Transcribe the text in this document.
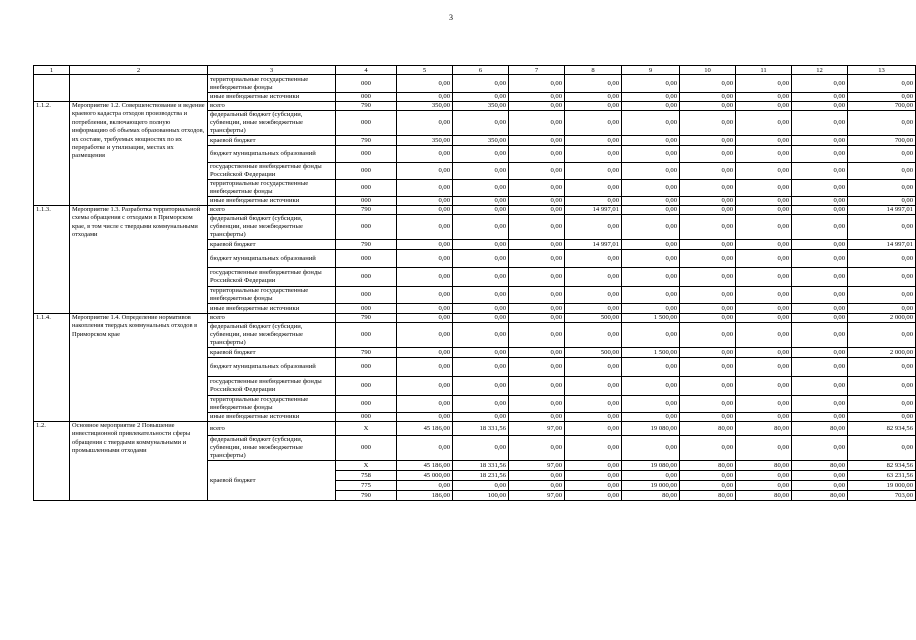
3
1	2	3	4	5	6	7	8	9	10	11	12	13
		территориальные государственные внебюджетные фонды	000	0,00	0,00	0,00	0,00	0,00	0,00	0,00	0,00	0,00
		иные внебюджетные источники	000	0,00	0,00	0,00	0,00	0,00	0,00	0,00	0,00	0,00
1.1.2.	Мероприятие 1.2. Совершенствование и ведение краевого кадастра отходов производства и потребления, включающего полную информацию об объемах образованных отходов, их составе, требуемых мощностях по их переработке и утилизации, местах их размещения	всего	790	350,00	350,00	0,00	0,00	0,00	0,00	0,00	0,00	700,00
		федеральный бюджет (субсидии, субвенции, иные межбюджетные трансферты)	000	0,00	0,00	0,00	0,00	0,00	0,00	0,00	0,00	0,00
		краевой бюджет	790	350,00	350,00	0,00	0,00	0,00	0,00	0,00	0,00	700,00
		бюджет муниципальных образований	000	0,00	0,00	0,00	0,00	0,00	0,00	0,00	0,00	0,00
		государственные внебюджетные фонды Российской Федерации	000	0,00	0,00	0,00	0,00	0,00	0,00	0,00	0,00	0,00
		территориальные государственные внебюджетные фонды	000	0,00	0,00	0,00	0,00	0,00	0,00	0,00	0,00	0,00
		иные внебюджетные источники	000	0,00	0,00	0,00	0,00	0,00	0,00	0,00	0,00	0,00
1.1.3.	Мероприятие 1.3. Разработка территориальной схемы обращения с отходами в Приморском крае, в том числе с твердыми коммунальными отходами	всего	790	0,00	0,00	0,00	14 997,01	0,00	0,00	0,00	0,00	14 997,01
		федеральный бюджет (субсидии, субвенции, иные межбюджетные трансферты)	000	0,00	0,00	0,00	0,00	0,00	0,00	0,00	0,00	0,00
		краевой бюджет	790	0,00	0,00	0,00	14 997,01	0,00	0,00	0,00	0,00	14 997,01
		бюджет муниципальных образований	000	0,00	0,00	0,00	0,00	0,00	0,00	0,00	0,00	0,00
		государственные внебюджетные фонды Российской Федерации	000	0,00	0,00	0,00	0,00	0,00	0,00	0,00	0,00	0,00
		территориальные государственные внебюджетные фонды	000	0,00	0,00	0,00	0,00	0,00	0,00	0,00	0,00	0,00
		иные внебюджетные источники	000	0,00	0,00	0,00	0,00	0,00	0,00	0,00	0,00	0,00
1.1.4.	Мероприятие 1.4. Определение нормативов накопления твердых коммунальных отходов в Приморском крае	всего	790	0,00	0,00	0,00	500,00	1 500,00	0,00	0,00	0,00	2 000,00
		федеральный бюджет (субсидии, субвенции, иные межбюджетные трансферты)	000	0,00	0,00	0,00	0,00	0,00	0,00	0,00	0,00	0,00
		краевой бюджет	790	0,00	0,00	0,00	500,00	1 500,00	0,00	0,00	0,00	2 000,00
		бюджет муниципальных образований	000	0,00	0,00	0,00	0,00	0,00	0,00	0,00	0,00	0,00
		государственные внебюджетные фонды Российской Федерации	000	0,00	0,00	0,00	0,00	0,00	0,00	0,00	0,00	0,00
		территориальные государственные внебюджетные фонды	000	0,00	0,00	0,00	0,00	0,00	0,00	0,00	0,00	0,00
		иные внебюджетные источники	000	0,00	0,00	0,00	0,00	0,00	0,00	0,00	0,00	0,00
1.2.	Основное мероприятие 2 Повышение инвестиционной привлекательности сферы обращения с твердыми коммунальными и промышленными отходами	всего	X	45 186,00	18 331,56	97,00	0,00	19 080,00	80,00	80,00	80,00	82 934,56
		федеральный бюджет (субсидии, субвенции, иные межбюджетные трансферты)	000	0,00	0,00	0,00	0,00	0,00	0,00	0,00	0,00	0,00
		краевой бюджет	X	45 186,00	18 331,56	97,00	0,00	19 080,00	80,00	80,00	80,00	82 934,56
			758	45 000,00	18 231,56	0,00	0,00	0,00	0,00	0,00	0,00	63 231,56
			775	0,00	0,00	0,00	0,00	19 000,00	0,00	0,00	0,00	19 000,00
			790	186,00	100,00	97,00	0,00	80,00	80,00	80,00	80,00	703,00
